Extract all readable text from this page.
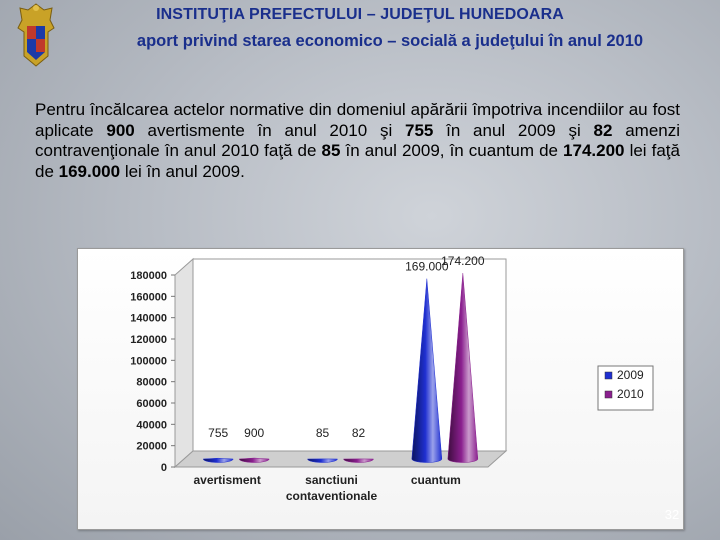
INSTITUŢIA PREFECTULUI – JUDEŢUL HUNEDOARA
aport privind starea economico – socială a judeţului în anul 2010
Pentru încălcarea actelor normative din domeniul apărării împotriva incendiilor au fost aplicate 900 avertismente în anul 2010 şi 755 în anul 2009 şi 82 amenzi contravenţionale în anul 2010 faţă de 85 în anul 2009, în cuantum de 174.200 lei faţă de 169.000 lei în anul 2009.
0
20000
40000
60000
80000
100000
120000
140000
160000
180000
755 900	85 82
169.000
174.200
avertisment	sanctiuni
contaventionale
cuantum
2009
2010
32
